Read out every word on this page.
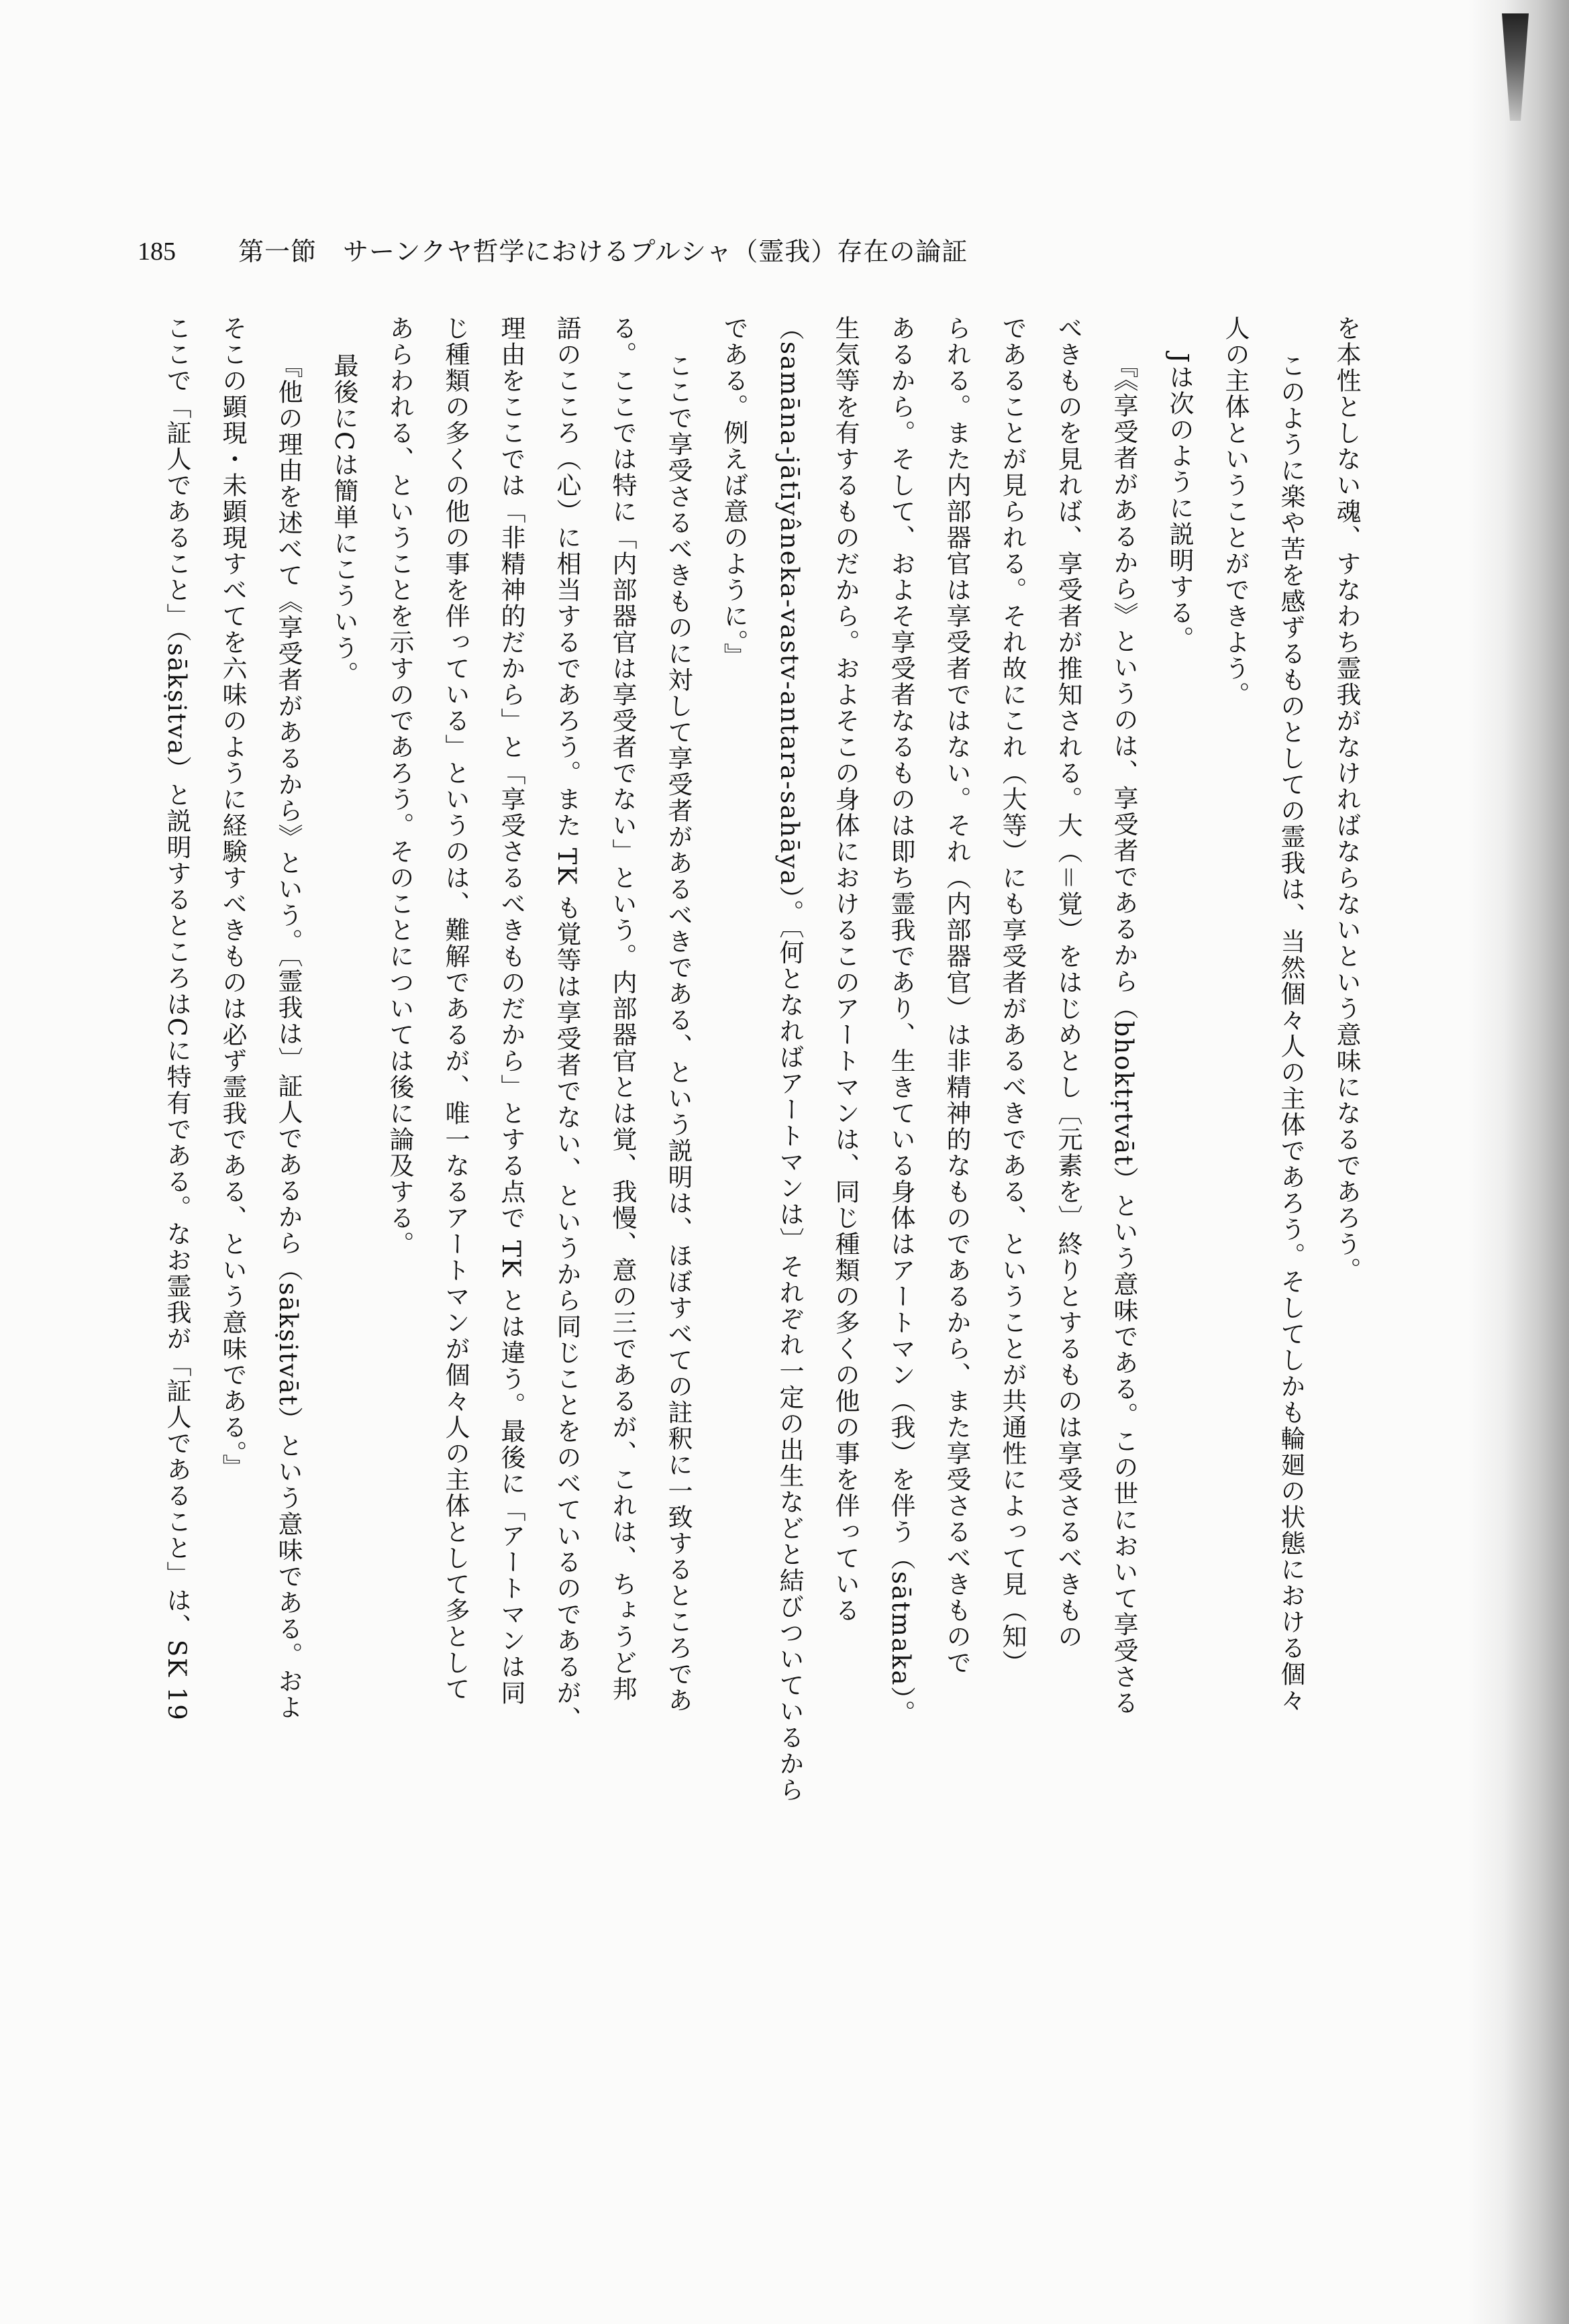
185 第一節　サーンクヤ哲学におけるプルシャ（霊我）存在の論証
を本性としない魂、すなわち霊我がなければならないという意味になるであろう。
このように楽や苦を感ずるものとしての霊我は、当然個々人の主体であろう。そしてしかも輪廻の状態における個々
人の主体ということができよう。
Jは次のように説明する。
『《享受者があるから》というのは、享受者であるから（bhoktṛtvāt）という意味である。この世において享受さる
べきものを見れば、享受者が推知される。大（＝覚）をはじめとし〔元素を〕終りとするものは享受さるべきもの
であることが見られる。それ故にこれ（大等）にも享受者があるべきである、ということが共通性によって見（知）
られる。また内部器官は享受者ではない。それ（内部器官）は非精神的なものであるから、また享受さるべきもので
あるから。そして、およそ享受者なるものは即ち霊我であり、生きている身体はアートマン（我）を伴う（sātmaka）。
生気等を有するものだから。およそこの身体におけるこのアートマンは、同じ種類の多くの他の事を伴っている
（samāna-jātīyâneka-vastv-antara-sahāya）。〔何となればアートマンは〕それぞれ一定の出生などと結びついているから
である。例えば意のように。』
ここで享受さるべきものに対して享受者があるべきである、という説明は、ほぼすべての註釈に一致するところであ
る。ここでは特に「内部器官は享受者でない」という。内部器官とは覚、我慢、意の三であるが、これは、ちょうど邦
語のこころ（心）に相当するであろう。また TK も覚等は享受者でない、というから同じことをのべているのであるが、
理由をここでは「非精神的だから」と「享受さるべきものだから」とする点で TK とは違う。最後に「アートマンは同
じ種類の多くの他の事を伴っている」というのは、難解であるが、唯一なるアートマンが個々人の主体として多として
あらわれる、ということを示すのであろう。そのことについては後に論及する。
最後にCは簡単にこういう。
『他の理由を述べて《享受者があるから》という。〔霊我は〕証人であるから（sākṣitvāt）という意味である。およ
そこの顕現・未顕現すべてを六味のように経験すべきものは必ず霊我である、という意味である。』
ここで「証人であること」（sākṣitva）と説明するところはCに特有である。なお霊我が「証人であること」は、SK 19
